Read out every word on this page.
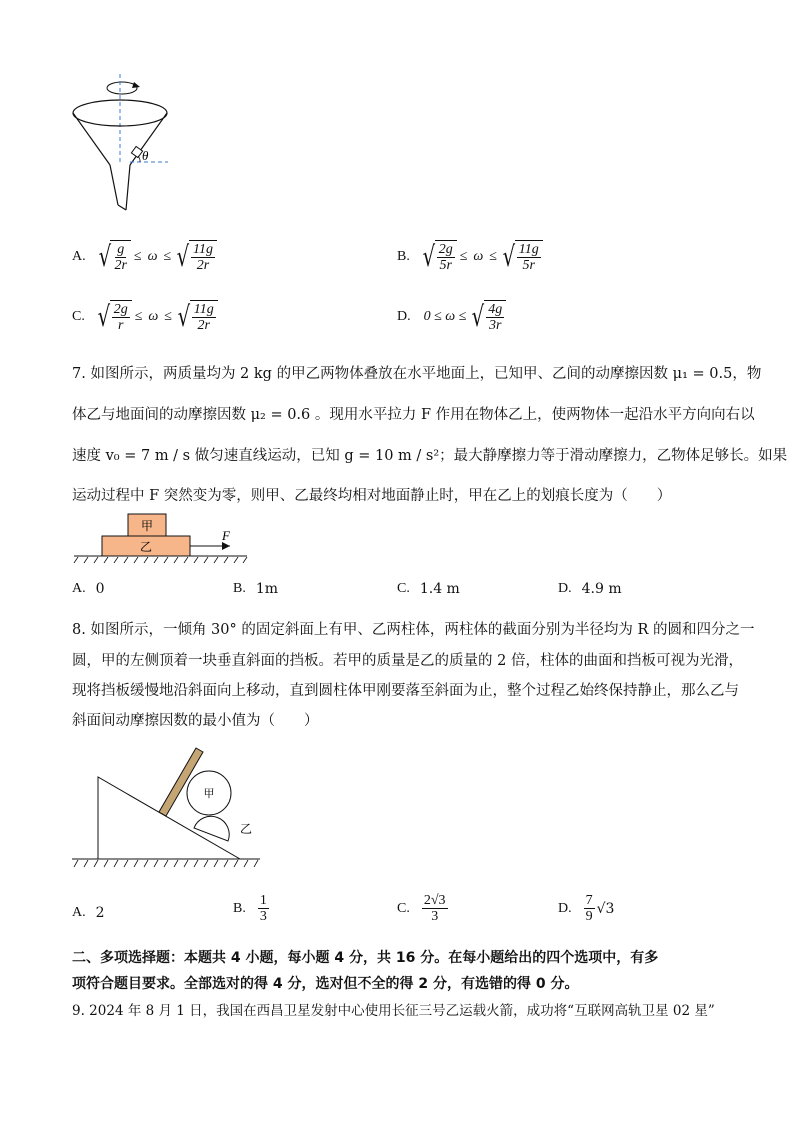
θ
A. √ $\frac{g}{2r} \le \omega$ ≤ √ $\frac{11g}{2r}$	B. √ $\frac{2g}{5r} \le \omega$ ≤ √ $\frac{11g}{5r}$
C. √ $\frac{2g}{r} \le \omega$ ≤ √ $\frac{11g}{2r}$	D. 0 ≤ ω ≤ √ $\frac{4g}{3r}$
7. 如图所示，两质量均为 2 kg 的甲乙两物体叠放在水平地面上，已知甲、乙间的动摩擦因数 μ₁ = 0.5，物
体乙与地面间的动摩擦因数 μ₂ = 0.6 。现用水平拉力 F 作用在物体乙上，使两物体一起沿水平方向向右以
速度 v₀ = 7 m / s 做匀速直线运动，已知 g = 10 m / s²；最大静摩擦力等于滑动摩擦力，乙物体足够长。如果
运动过程中 F 突然变为零，则甲、乙最终均相对地面静止时，甲在乙上的划痕长度为（　　）
甲
乙
F
A. 0	B. 1m	C. 1.4 m	D. 4.9 m
8. 如图所示，一倾角 30° 的固定斜面上有甲、乙两柱体，两柱体的截面分别为半径均为 R 的圆和四分之一
圆，甲的左侧顶着一块垂直斜面的挡板。若甲的质量是乙的质量的 2 倍，柱体的曲面和挡板可视为光滑，
现将挡板缓慢地沿斜面向上移动，直到圆柱体甲刚要落至斜面为止，整个过程乙始终保持静止，那么乙与
斜面间动摩擦因数的最小值为（　　）
甲
乙
A. 2	B. $\frac{1}{3}$	C. $\frac{2√3}{3}$	D. $\frac{7}{9} √3$
二、多项选择题：本题共 4 小题，每小题 4 分，共 16 分。在每小题给出的四个选项中，有多
项符合题目要求。全部选对的得 4 分，选对但不全的得 2 分，有选错的得 0 分。
9. 2024 年 8 月 1 日，我国在西昌卫星发射中心使用长征三号乙运载火箭，成功将“互联网高轨卫星 02 星”
